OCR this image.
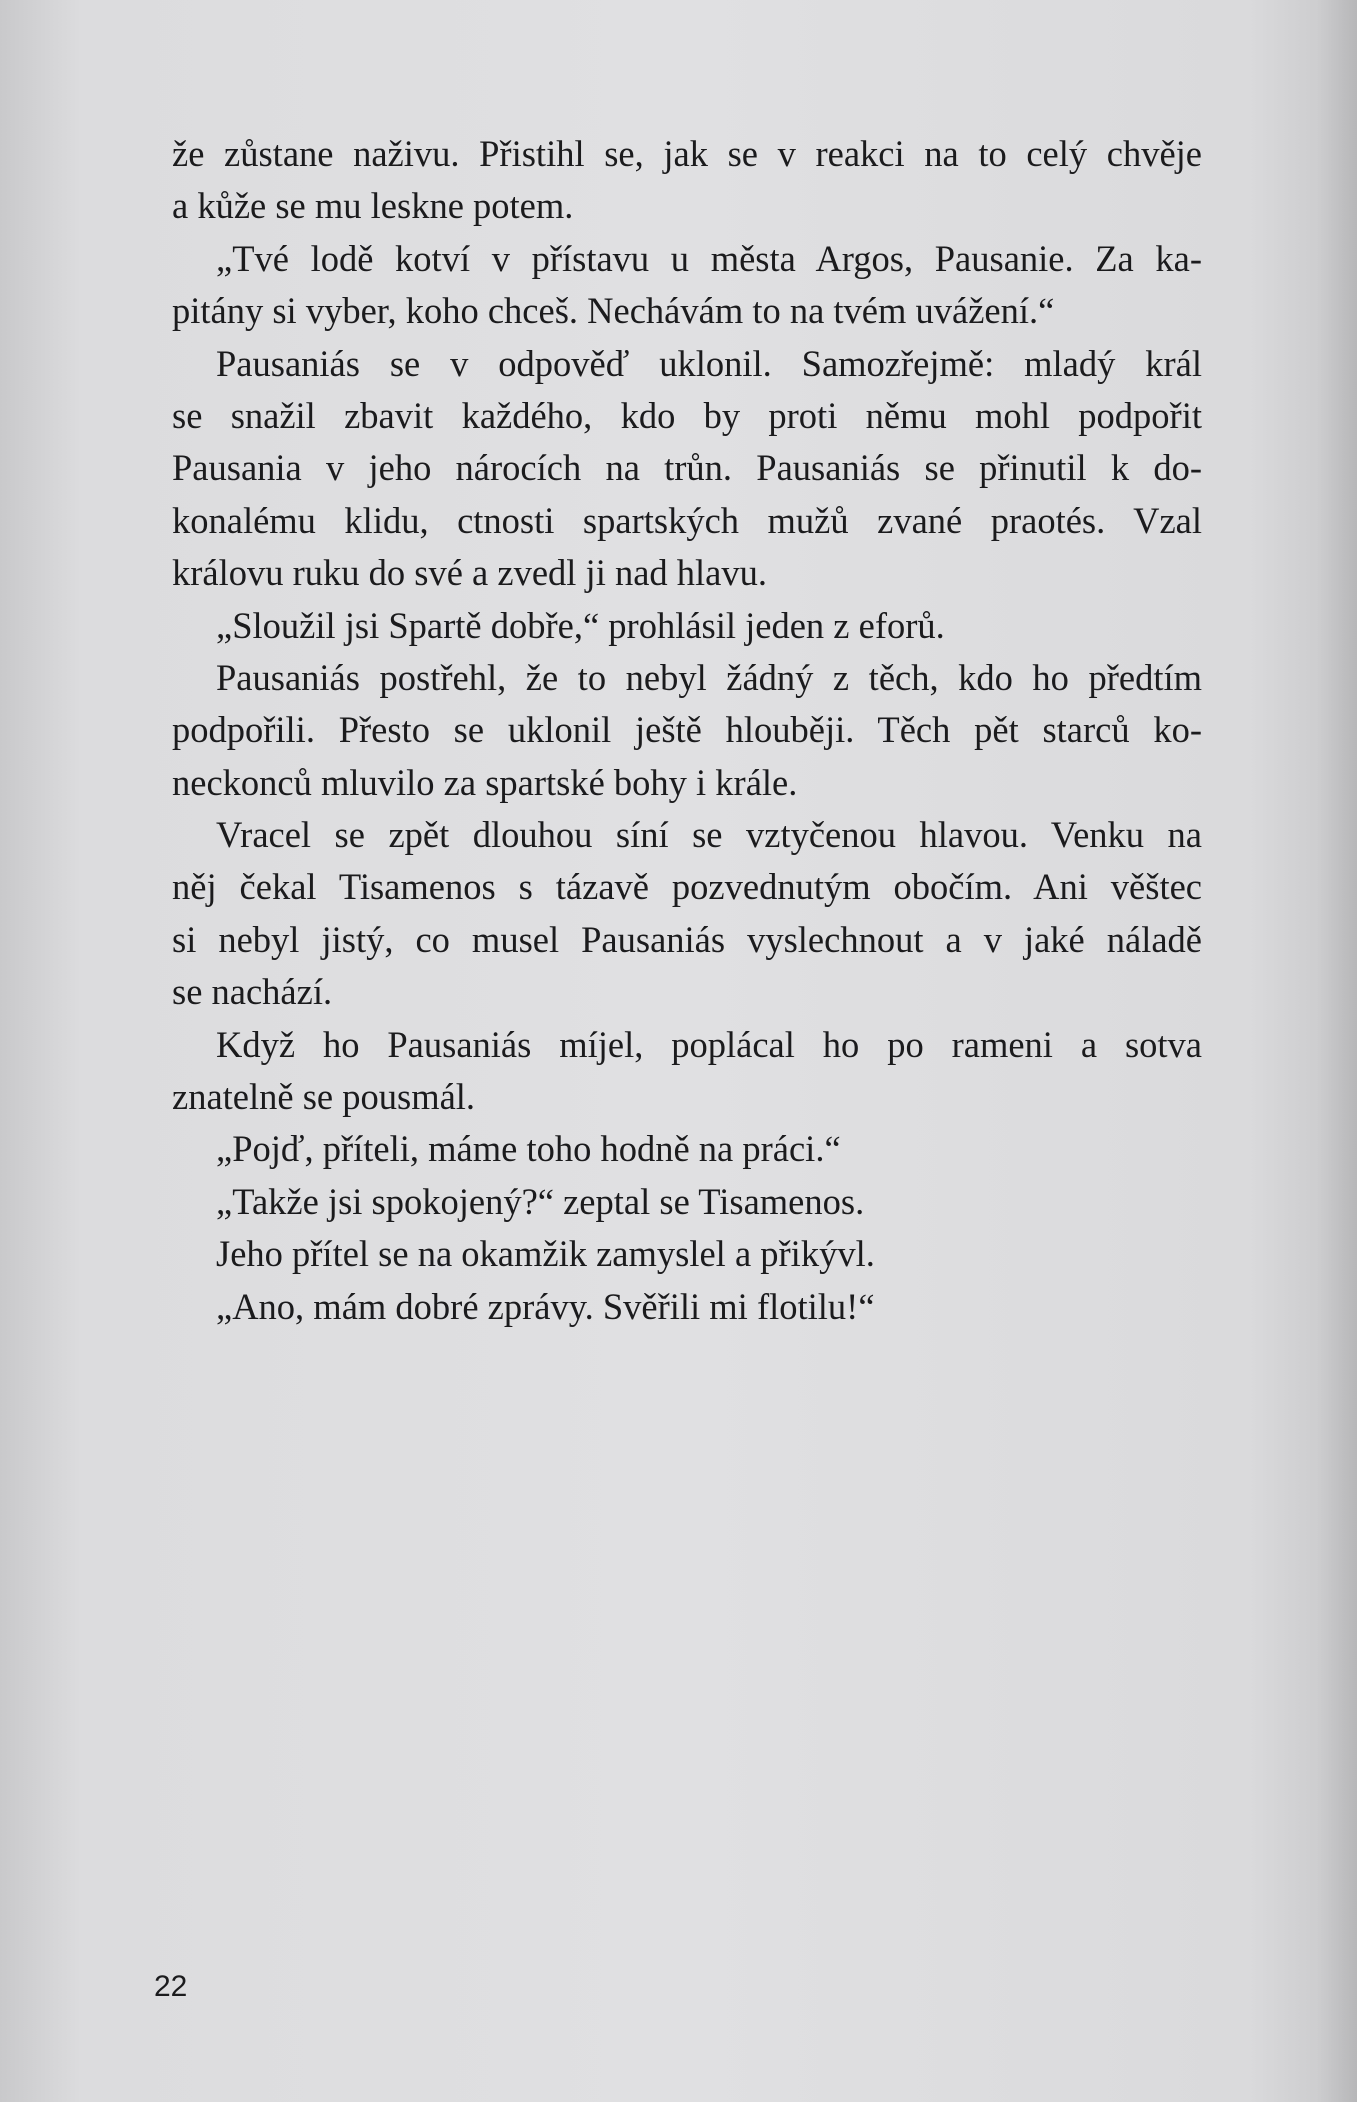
že zůstane naživu. Přistihl se, jak se v reakci na to celý chvěje
a kůže se mu leskne potem.
„Tvé lodě kotví v přístavu u města Argos, Pausanie. Za ka-
pitány si vyber, koho chceš. Nechávám to na tvém uvážení.“
Pausaniás se v odpověď uklonil. Samozřejmě: mladý král
se snažil zbavit každého, kdo by proti němu mohl podpořit
Pausania v jeho nárocích na trůn. Pausaniás se přinutil k do-
konalému klidu, ctnosti spartských mužů zvané praotés. Vzal
královu ruku do své a zvedl ji nad hlavu.
„Sloužil jsi Spartě dobře,“ prohlásil jeden z eforů.
Pausaniás postřehl, že to nebyl žádný z těch, kdo ho předtím
podpořili. Přesto se uklonil ještě hlouběji. Těch pět starců ko-
neckonců mluvilo za spartské bohy i krále.
Vracel se zpět dlouhou síní se vztyčenou hlavou. Venku na
něj čekal Tisamenos s tázavě pozvednutým obočím. Ani věštec
si nebyl jistý, co musel Pausaniás vyslechnout a v jaké náladě
se nachází.
Když ho Pausaniás míjel, poplácal ho po rameni a sotva
znatelně se pousmál.
„Pojď, příteli, máme toho hodně na práci.“
„Takže jsi spokojený?“ zeptal se Tisamenos.
Jeho přítel se na okamžik zamyslel a přikývl.
„Ano, mám dobré zprávy. Svěřili mi flotilu!“
22
